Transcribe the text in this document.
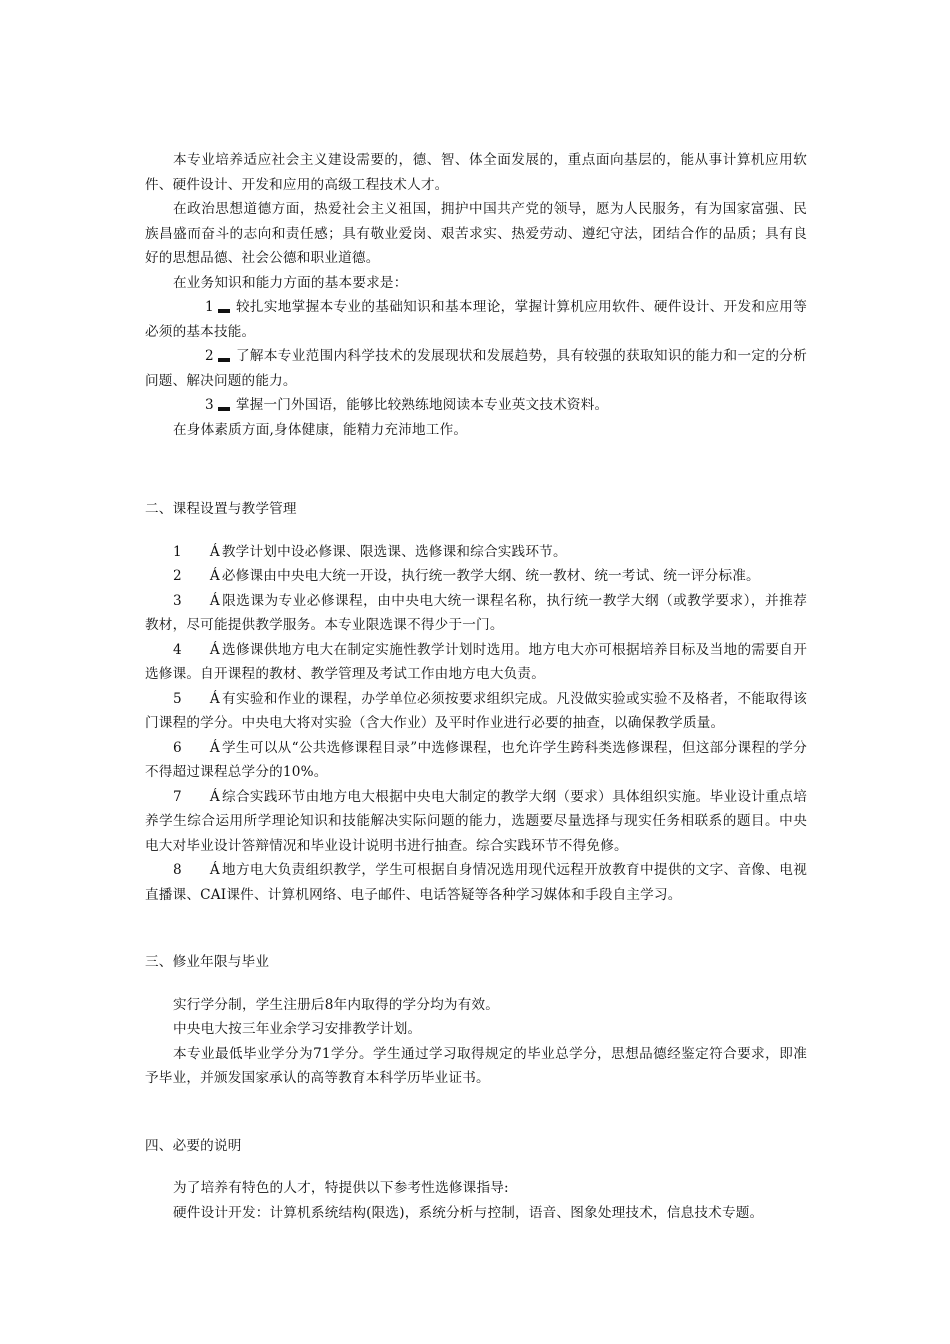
本专业培养适应社会主义建设需要的，德、智、体全面发展的，重点面向基层的，能从事计算机应用软件、硬件设计、开发和应用的高级工程技术人才。

在政治思想道德方面，热爱社会主义祖国，拥护中国共产党的领导，愿为人民服务，有为国家富强、民族昌盛而奋斗的志向和责任感；具有敬业爱岗、艰苦求实、热爱劳动、遵纪守法，团结合作的品质；具有良好的思想品德、社会公德和职业道德。

在业务知识和能力方面的基本要求是：

1 较扎实地掌握本专业的基础知识和基本理论，掌握计算机应用软件、硬件设计、开发和应用等必须的基本技能。

2 了解本专业范围内科学技术的发展现状和发展趋势，具有较强的获取知识的能力和一定的分析问题、解决问题的能力。

3 掌握一门外国语，能够比较熟练地阅读本专业英文技术资料。

在身体素质方面,身体健康，能精力充沛地工作。

二、课程设置与教学管理

1 Á 教学计划中设必修课、限选课、选修课和综合实践环节。

2 Á 必修课由中央电大统一开设，执行统一教学大纲、统一教材、统一考试、统一评分标准。

3 Á 限选课为专业必修课程，由中央电大统一课程名称，执行统一教学大纲（或教学要求），并推荐教材，尽可能提供教学服务。本专业限选课不得少于一门。

4 Á 选修课供地方电大在制定实施性教学计划时选用。地方电大亦可根据培养目标及当地的需要自开选修课。自开课程的教材、教学管理及考试工作由地方电大负责。

5 Á 有实验和作业的课程，办学单位必须按要求组织完成。凡没做实验或实验不及格者，不能取得该门课程的学分。中央电大将对实验（含大作业）及平时作业进行必要的抽查，以确保教学质量。

6 Á 学生可以从“公共选修课程目录”中选修课程，也允许学生跨科类选修课程，但这部分课程的学分不得超过课程总学分的10%。

7 Á 综合实践环节由地方电大根据中央电大制定的教学大纲（要求）具体组织实施。毕业设计重点培养学生综合运用所学理论知识和技能解决实际问题的能力，选题要尽量选择与现实任务相联系的题目。中央电大对毕业设计答辩情况和毕业设计说明书进行抽查。综合实践环节不得免修。

8 Á 地方电大负责组织教学，学生可根据自身情况选用现代远程开放教育中提供的文字、音像、电视直播课、CAI课件、计算机网络、电子邮件、电话答疑等各种学习媒体和手段自主学习。

三、修业年限与毕业

实行学分制，学生注册后8年内取得的学分均为有效。

中央电大按三年业余学习安排教学计划。

本专业最低毕业学分为71学分。学生通过学习取得规定的毕业总学分，思想品德经鉴定符合要求，即准予毕业，并颁发国家承认的高等教育本科学历毕业证书。

四、必要的说明

为了培养有特色的人才，特提供以下参考性选修课指导:

硬件设计开发：计算机系统结构(限选)，系统分析与控制，语音、图象处理技术，信息技术专题。
